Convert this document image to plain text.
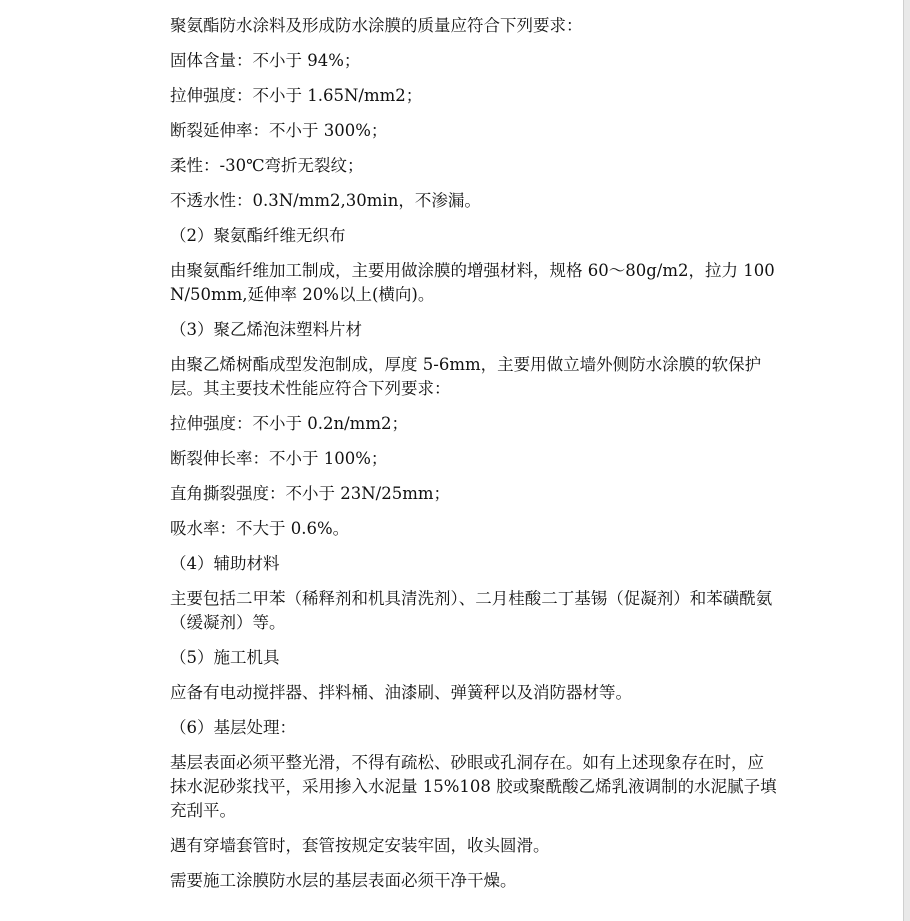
聚氨酯防水涂料及形成防水涂膜的质量应符合下列要求：

固体含量：不小于 94%；

拉伸强度：不小于 1.65N/mm2；

断裂延伸率：不小于 300%；

柔性：-30℃弯折无裂纹；

不透水性：0.3N/mm2,30min，不渗漏。

（2）聚氨酯纤维无织布

由聚氨酯纤维加工制成，主要用做涂膜的增强材料，规格 60～80g/m2，拉力 100N/50mm,延伸率 20%以上(横向)。

（3）聚乙烯泡沫塑料片材

由聚乙烯树酯成型发泡制成，厚度 5-6mm，主要用做立墙外侧防水涂膜的软保护层。其主要技术性能应符合下列要求：

拉伸强度：不小于 0.2n/mm2；

断裂伸长率：不小于 100%；

直角撕裂强度：不小于 23N/25mm；

吸水率：不大于 0.6%。

（4）辅助材料

主要包括二甲苯（稀释剂和机具清洗剂）、二月桂酸二丁基锡（促凝剂）和苯磺酰氨（缓凝剂）等。

（5）施工机具

应备有电动搅拌器、拌料桶、油漆刷、弹簧秤以及消防器材等。

（6）基层处理：

基层表面必须平整光滑，不得有疏松、砂眼或孔洞存在。如有上述现象存在时，应抹水泥砂浆找平，采用掺入水泥量 15%108 胶或聚酰酸乙烯乳液调制的水泥腻子填充刮平。

遇有穿墙套管时，套管按规定安装牢固，收头圆滑。

需要施工涂膜防水层的基层表面必须干净干燥。
